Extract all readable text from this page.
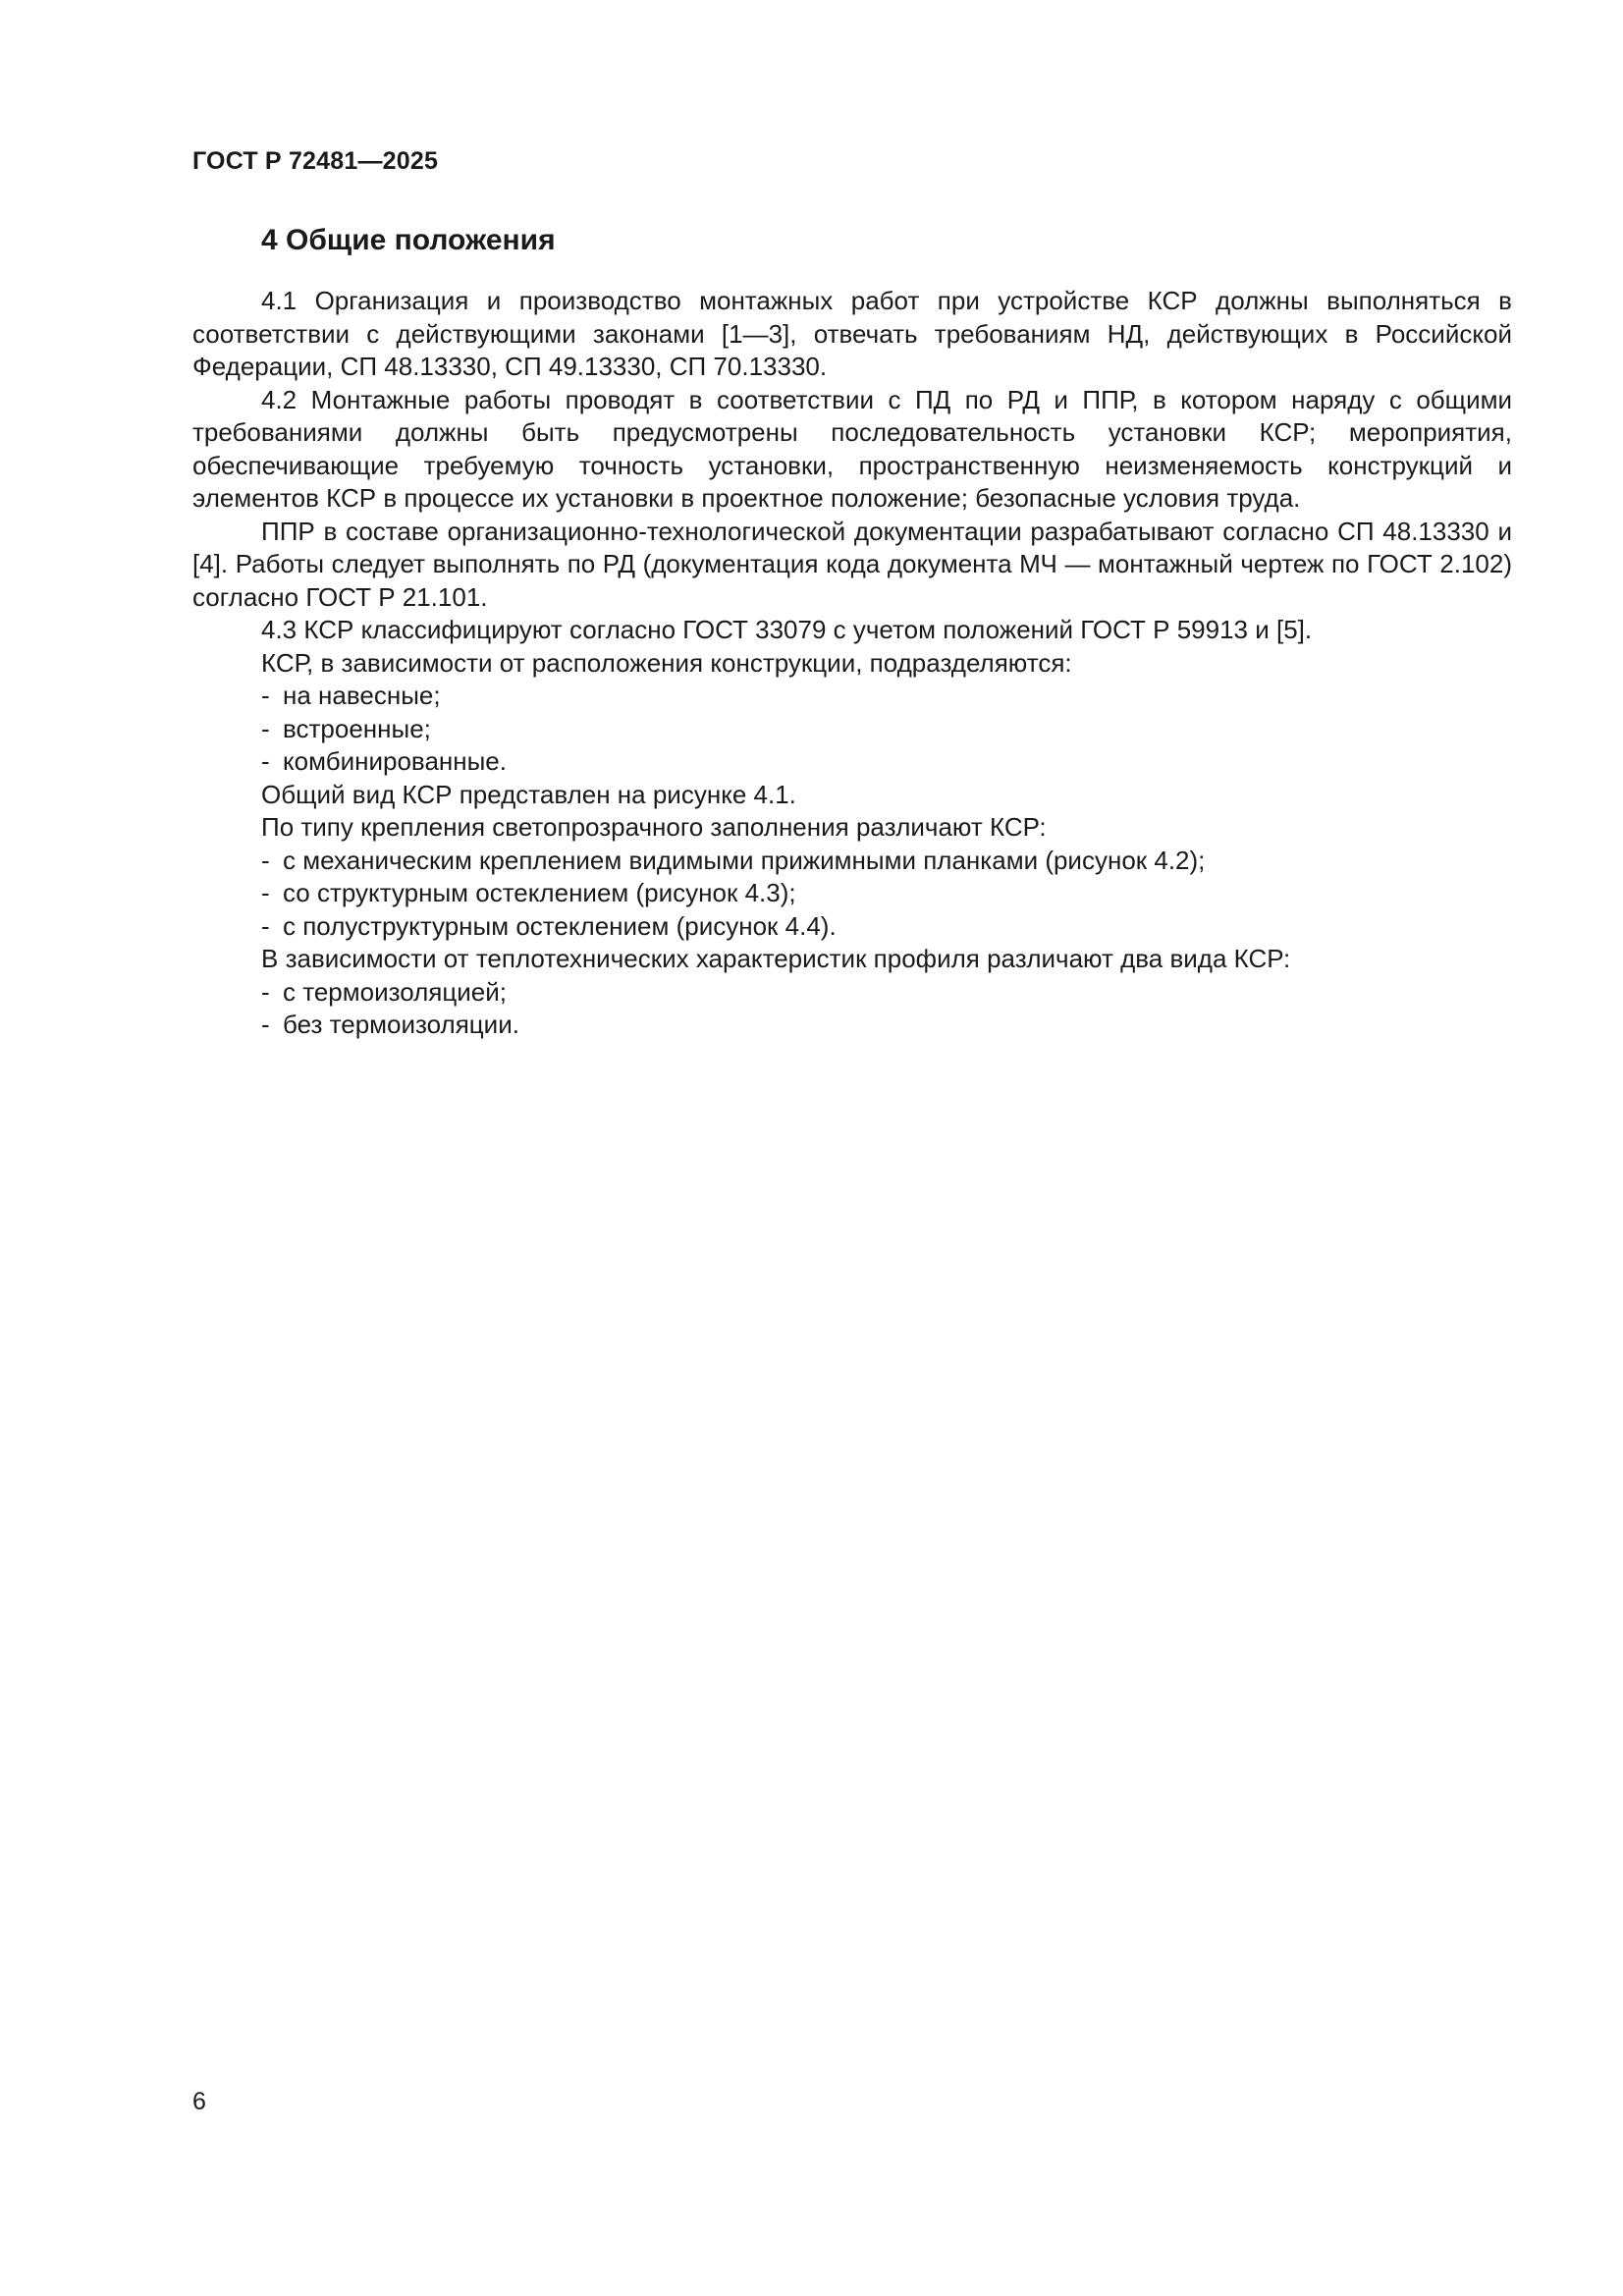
ГОСТ Р 72481—2025
4 Общие положения

4.1 Организация и производство монтажных работ при устройстве КСР должны выполняться в соответствии с действующими законами [1—3], отвечать требованиям НД, действующих в Российской Федерации, СП 48.13330, СП 49.13330, СП 70.13330.

4.2 Монтажные работы проводят в соответствии с ПД по РД и ППР, в котором наряду с общими требованиями должны быть предусмотрены последовательность установки КСР; мероприятия, обеспечивающие требуемую точность установки, пространственную неизменяемость конструкций и элементов КСР в процессе их установки в проектное положение; безопасные условия труда.

ППР в составе организационно-технологической документации разрабатывают согласно СП 48.13330 и [4]. Работы следует выполнять по РД (документация кода документа МЧ — монтажный чертеж по ГОСТ 2.102) согласно ГОСТ Р 21.101.

4.3 КСР классифицируют согласно ГОСТ 33079 с учетом положений ГОСТ Р 59913 и [5].

КСР, в зависимости от расположения конструкции, подразделяются:

- на навесные;

- встроенные;

- комбинированные.

Общий вид КСР представлен на рисунке 4.1.

По типу крепления светопрозрачного заполнения различают КСР:

- с механическим креплением видимыми прижимными планками (рисунок 4.2);

- со структурным остеклением (рисунок 4.3);

- с полуструктурным остеклением (рисунок 4.4).

В зависимости от теплотехнических характеристик профиля различают два вида КСР:

- с термоизоляцией;

- без термоизоляции.

6
